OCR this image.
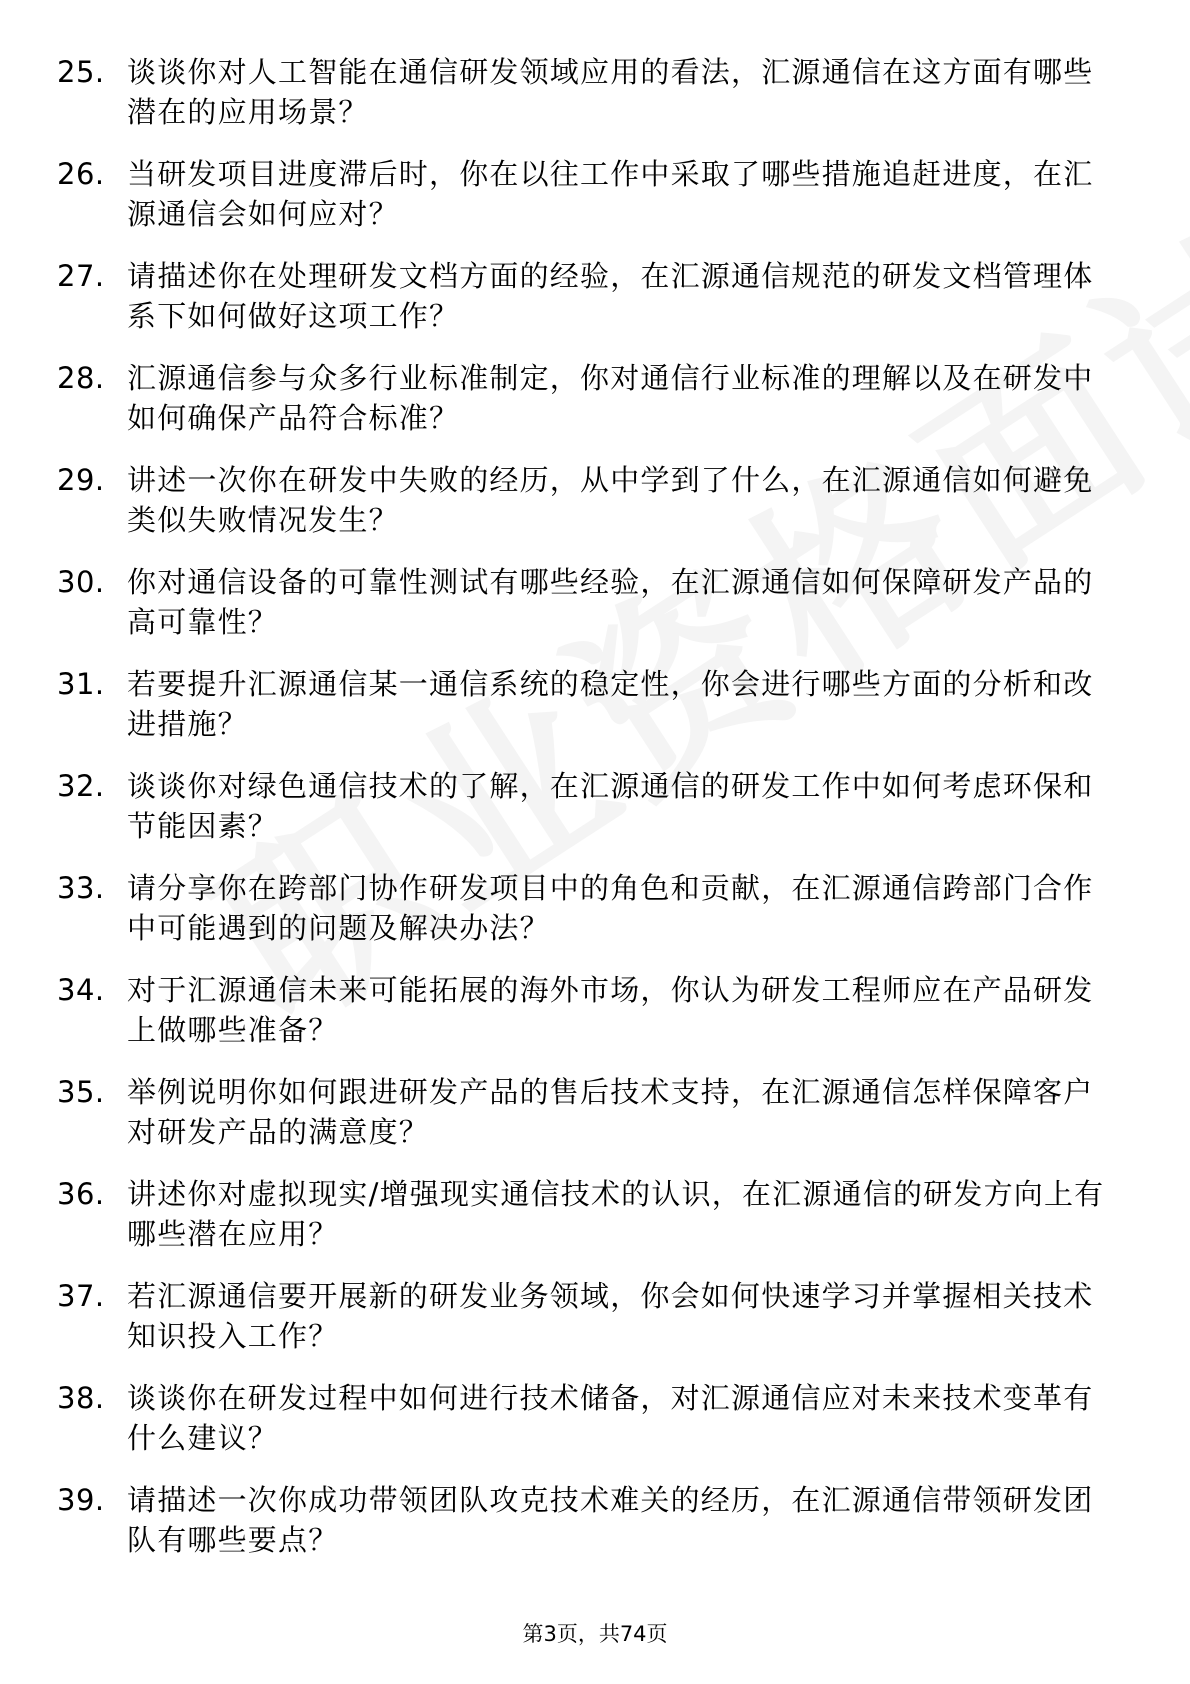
25. 谈谈你对人工智能在通信研发领域应用的看法，汇源通信在这方面有哪些潜在的应用场景？
26. 当研发项目进度滞后时，你在以往工作中采取了哪些措施追赶进度，在汇源通信会如何应对？
27. 请描述你在处理研发文档方面的经验，在汇源通信规范的研发文档管理体系下如何做好这项工作？
28. 汇源通信参与众多行业标准制定，你对通信行业标准的理解以及在研发中如何确保产品符合标准？
29. 讲述一次你在研发中失败的经历，从中学到了什么，在汇源通信如何避免类似失败情况发生？
30. 你对通信设备的可靠性测试有哪些经验，在汇源通信如何保障研发产品的高可靠性？
31. 若要提升汇源通信某一通信系统的稳定性，你会进行哪些方面的分析和改进措施？
32. 谈谈你对绿色通信技术的了解，在汇源通信的研发工作中如何考虑环保和节能因素？
33. 请分享你在跨部门协作研发项目中的角色和贡献，在汇源通信跨部门合作中可能遇到的问题及解决办法？
34. 对于汇源通信未来可能拓展的海外市场，你认为研发工程师应在产品研发上做哪些准备？
35. 举例说明你如何跟进研发产品的售后技术支持，在汇源通信怎样保障客户对研发产品的满意度？
36. 讲述你对虚拟现实/增强现实通信技术的认识，在汇源通信的研发方向上有哪些潜在应用？
37. 若汇源通信要开展新的研发业务领域，你会如何快速学习并掌握相关技术知识投入工作？
38. 谈谈你在研发过程中如何进行技术储备，对汇源通信应对未来技术变革有什么建议？
39. 请描述一次你成功带领团队攻克技术难关的经历，在汇源通信带领研发团队有哪些要点？
第3页，共74页
